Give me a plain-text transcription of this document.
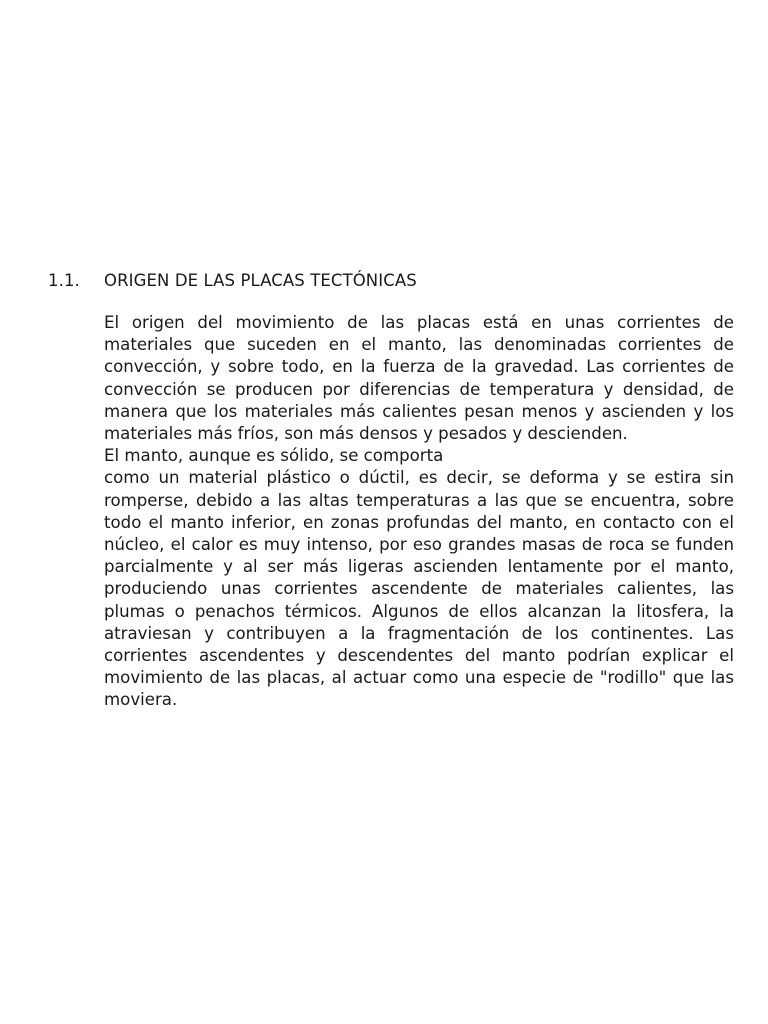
1.1. ORIGEN DE LAS PLACAS TECTÓNICAS

El origen del movimiento de las placas está en unas corrientes de materiales que suceden en el manto, las denominadas corrientes de convección, y sobre todo, en la fuerza de la gravedad. Las corrientes de convección se producen por diferencias de temperatura y densidad, de manera que los materiales más calientes pesan menos y ascienden y los materiales más fríos, son más densos y pesados y descienden.

El manto, aunque es sólido, se comporta

como un material plástico o dúctil, es decir, se deforma y se estira sin romperse, debido a las altas temperaturas a las que se encuentra, sobre todo el manto inferior, en zonas profundas del manto, en contacto con el núcleo, el calor es muy intenso, por eso grandes masas de roca se funden parcialmente y al ser más ligeras ascienden lentamente por el manto, produciendo unas corrientes ascendente de materiales calientes, las plumas o penachos térmicos. Algunos de ellos alcanzan la litosfera, la atraviesan y contribuyen a la fragmentación de los continentes. Las corrientes ascendentes y descendentes del manto podrían explicar el movimiento de las placas, al actuar como una especie de "rodillo" que las moviera.
